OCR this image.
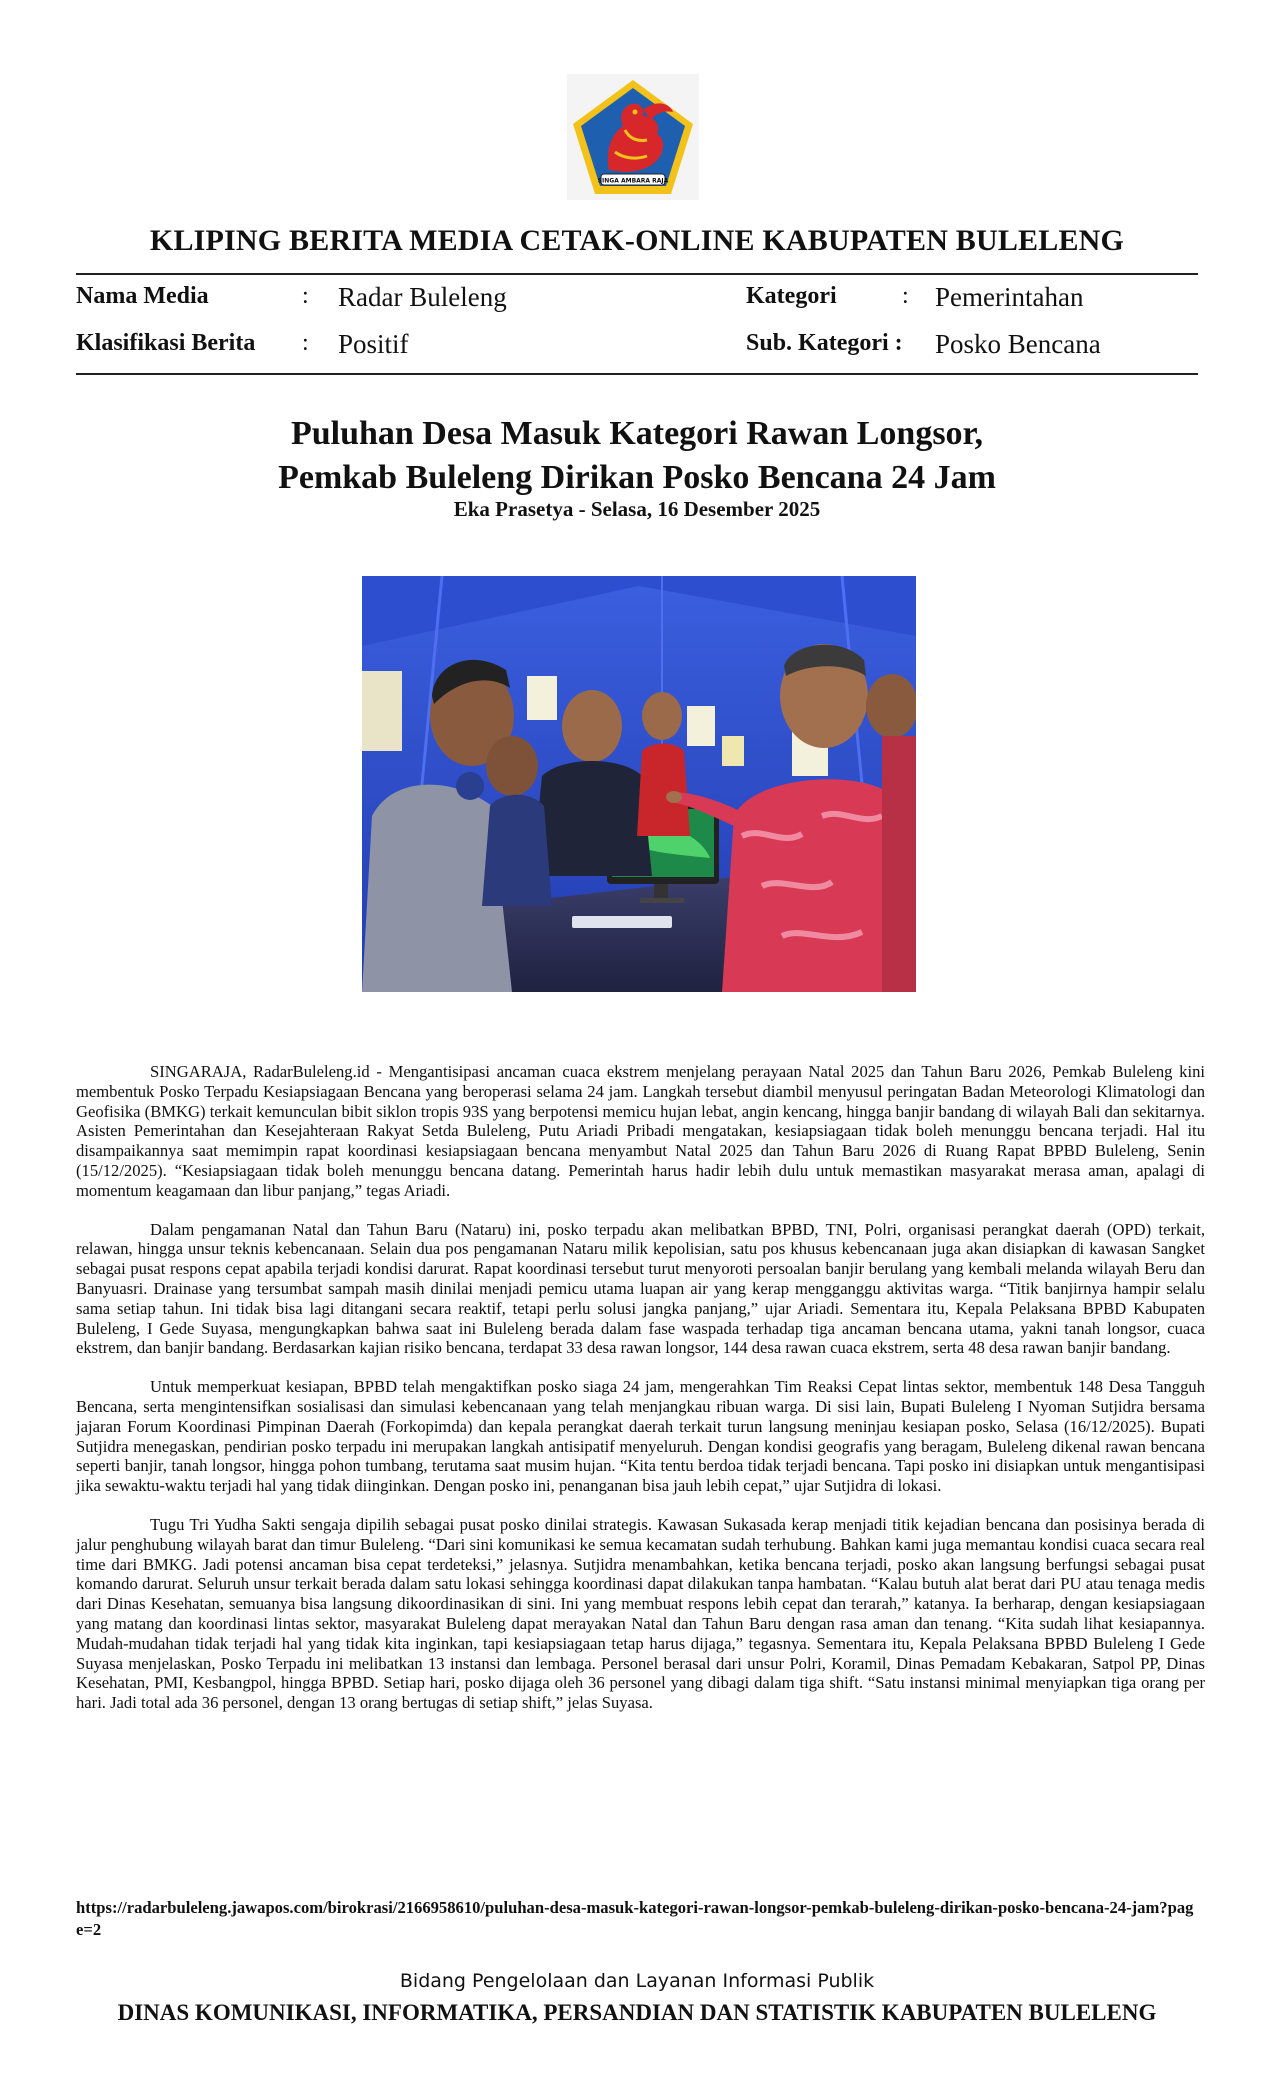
SINGA AMBARA RAJA
KLIPING BERITA MEDIA CETAK-ONLINE KABUPATEN BULELENG
Nama Media	: Radar Buleleng
Klasifikasi Berita : Positif
Kategori	: Pemerintahan
Sub. Kategori : Posko Bencana
Puluhan Desa Masuk Kategori Rawan Longsor,
Pemkab Buleleng Dirikan Posko Bencana 24 Jam
Eka Prasetya - Selasa, 16 Desember 2025

SINGARAJA, RadarBuleleng.id - Mengantisipasi ancaman cuaca ekstrem menjelang perayaan Natal 2025 dan Tahun Baru 2026, Pemkab Buleleng kini membentuk Posko Terpadu Kesiapsiagaan Bencana yang beroperasi selama 24 jam. Langkah tersebut diambil menyusul peringatan Badan Meteorologi Klimatologi dan Geofisika (BMKG) terkait kemunculan bibit siklon tropis 93S yang berpotensi memicu hujan lebat, angin kencang, hingga banjir bandang di wilayah Bali dan sekitarnya. Asisten Pemerintahan dan Kesejahteraan Rakyat Setda Buleleng, Putu Ariadi Pribadi mengatakan, kesiapsiagaan tidak boleh menunggu bencana terjadi. Hal itu disampaikannya saat memimpin rapat koordinasi kesiapsiagaan bencana menyambut Natal 2025 dan Tahun Baru 2026 di Ruang Rapat BPBD Buleleng, Senin (15/12/2025). “Kesiapsiagaan tidak boleh menunggu bencana datang. Pemerintah harus hadir lebih dulu untuk memastikan masyarakat merasa aman, apalagi di momentum keagamaan dan libur panjang,” tegas Ariadi.

Dalam pengamanan Natal dan Tahun Baru (Nataru) ini, posko terpadu akan melibatkan BPBD, TNI, Polri, organisasi perangkat daerah (OPD) terkait, relawan, hingga unsur teknis kebencanaan. Selain dua pos pengamanan Nataru milik kepolisian, satu pos khusus kebencanaan juga akan disiapkan di kawasan Sangket sebagai pusat respons cepat apabila terjadi kondisi darurat. Rapat koordinasi tersebut turut menyoroti persoalan banjir berulang yang kembali melanda wilayah Beru dan Banyuasri. Drainase yang tersumbat sampah masih dinilai menjadi pemicu utama luapan air yang kerap mengganggu aktivitas warga. “Titik banjirnya hampir selalu sama setiap tahun. Ini tidak bisa lagi ditangani secara reaktif, tetapi perlu solusi jangka panjang,” ujar Ariadi. Sementara itu, Kepala Pelaksana BPBD Kabupaten Buleleng, I Gede Suyasa, mengungkapkan bahwa saat ini Buleleng berada dalam fase waspada terhadap tiga ancaman bencana utama, yakni tanah longsor, cuaca ekstrem, dan banjir bandang. Berdasarkan kajian risiko bencana, terdapat 33 desa rawan longsor, 144 desa rawan cuaca ekstrem, serta 48 desa rawan banjir bandang.

Untuk memperkuat kesiapan, BPBD telah mengaktifkan posko siaga 24 jam, mengerahkan Tim Reaksi Cepat lintas sektor, membentuk 148 Desa Tangguh Bencana, serta mengintensifkan sosialisasi dan simulasi kebencanaan yang telah menjangkau ribuan warga. Di sisi lain, Bupati Buleleng I Nyoman Sutjidra bersama jajaran Forum Koordinasi Pimpinan Daerah (Forkopimda) dan kepala perangkat daerah terkait turun langsung meninjau kesiapan posko, Selasa (16/12/2025). Bupati Sutjidra menegaskan, pendirian posko terpadu ini merupakan langkah antisipatif menyeluruh. Dengan kondisi geografis yang beragam, Buleleng dikenal rawan bencana seperti banjir, tanah longsor, hingga pohon tumbang, terutama saat musim hujan. “Kita tentu berdoa tidak terjadi bencana. Tapi posko ini disiapkan untuk mengantisipasi jika sewaktu-waktu terjadi hal yang tidak diinginkan. Dengan posko ini, penanganan bisa jauh lebih cepat,” ujar Sutjidra di lokasi.

Tugu Tri Yudha Sakti sengaja dipilih sebagai pusat posko dinilai strategis. Kawasan Sukasada kerap menjadi titik kejadian bencana dan posisinya berada di jalur penghubung wilayah barat dan timur Buleleng. “Dari sini komunikasi ke semua kecamatan sudah terhubung. Bahkan kami juga memantau kondisi cuaca secara real time dari BMKG. Jadi potensi ancaman bisa cepat terdeteksi,” jelasnya. Sutjidra menambahkan, ketika bencana terjadi, posko akan langsung berfungsi sebagai pusat komando darurat. Seluruh unsur terkait berada dalam satu lokasi sehingga koordinasi dapat dilakukan tanpa hambatan. “Kalau butuh alat berat dari PU atau tenaga medis dari Dinas Kesehatan, semuanya bisa langsung dikoordinasikan di sini. Ini yang membuat respons lebih cepat dan terarah,” katanya. Ia berharap, dengan kesiapsiagaan yang matang dan koordinasi lintas sektor, masyarakat Buleleng dapat merayakan Natal dan Tahun Baru dengan rasa aman dan tenang. “Kita sudah lihat kesiapannya. Mudah-mudahan tidak terjadi hal yang tidak kita inginkan, tapi kesiapsiagaan tetap harus dijaga,” tegasnya. Sementara itu, Kepala Pelaksana BPBD Buleleng I Gede Suyasa menjelaskan, Posko Terpadu ini melibatkan 13 instansi dan lembaga. Personel berasal dari unsur Polri, Koramil, Dinas Pemadam Kebakaran, Satpol PP, Dinas Kesehatan, PMI, Kesbangpol, hingga BPBD. Setiap hari, posko dijaga oleh 36 personel yang dibagi dalam tiga shift. “Satu instansi minimal menyiapkan tiga orang per hari. Jadi total ada 36 personel, dengan 13 orang bertugas di setiap shift,” jelas Suyasa.

https://radarbuleleng.jawapos.com/birokrasi/2166958610/puluhan-desa-masuk-kategori-rawan-longsor-pemkab-buleleng-dirikan-posko-bencana-24-jam?page=2
Bidang Pengelolaan dan Layanan Informasi Publik
DINAS KOMUNIKASI, INFORMATIKA, PERSANDIAN DAN STATISTIK KABUPATEN BULELENG
